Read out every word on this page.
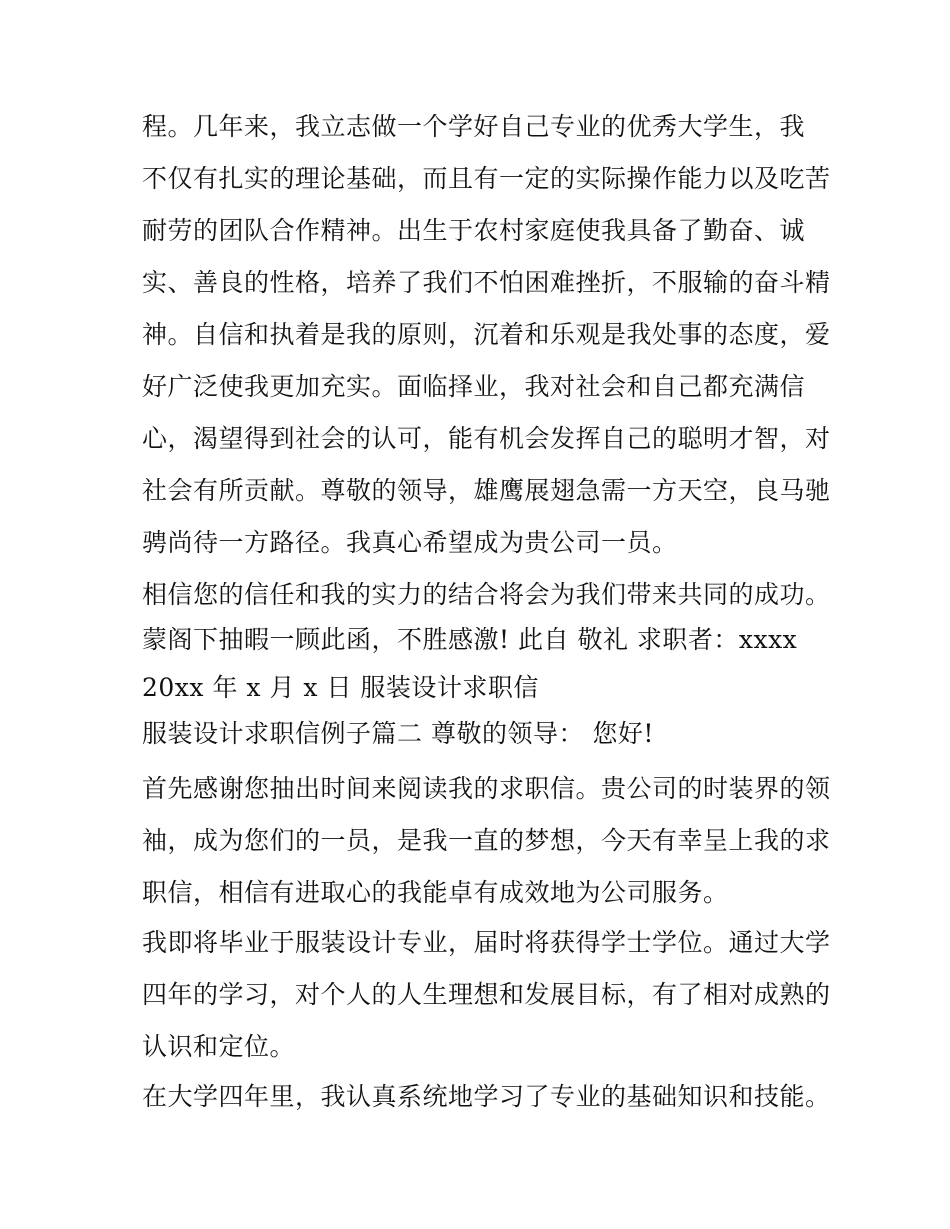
程。几年来，我立志做一个学好自己专业的优秀大学生，我
不仅有扎实的理论基础，而且有一定的实际操作能力以及吃苦
耐劳的团队合作精神。出生于农村家庭使我具备了勤奋、诚
实、善良的性格，培养了我们不怕困难挫折，不服输的奋斗精
神。自信和执着是我的原则，沉着和乐观是我处事的态度，爱
好广泛使我更加充实。面临择业，我对社会和自己都充满信
心，渴望得到社会的认可，能有机会发挥自己的聪明才智，对
社会有所贡献。尊敬的领导，雄鹰展翅急需一方天空，良马驰
骋尚待一方路径。我真心希望成为贵公司一员。
相信您的信任和我的实力的结合将会为我们带来共同的成功。
蒙阁下抽暇一顾此函，不胜感激! 此自 敬礼 求职者：xxxx
20xx 年 x 月 x 日 服装设计求职信
服装设计求职信例子篇二 尊敬的领导： 您好!
首先感谢您抽出时间来阅读我的求职信。贵公司的时装界的领
袖，成为您们的一员，是我一直的梦想，今天有幸呈上我的求
职信，相信有进取心的我能卓有成效地为公司服务。
我即将毕业于服装设计专业，届时将获得学士学位。通过大学
四年的学习，对个人的人生理想和发展目标，有了相对成熟的
认识和定位。
在大学四年里，我认真系统地学习了专业的基础知识和技能。
